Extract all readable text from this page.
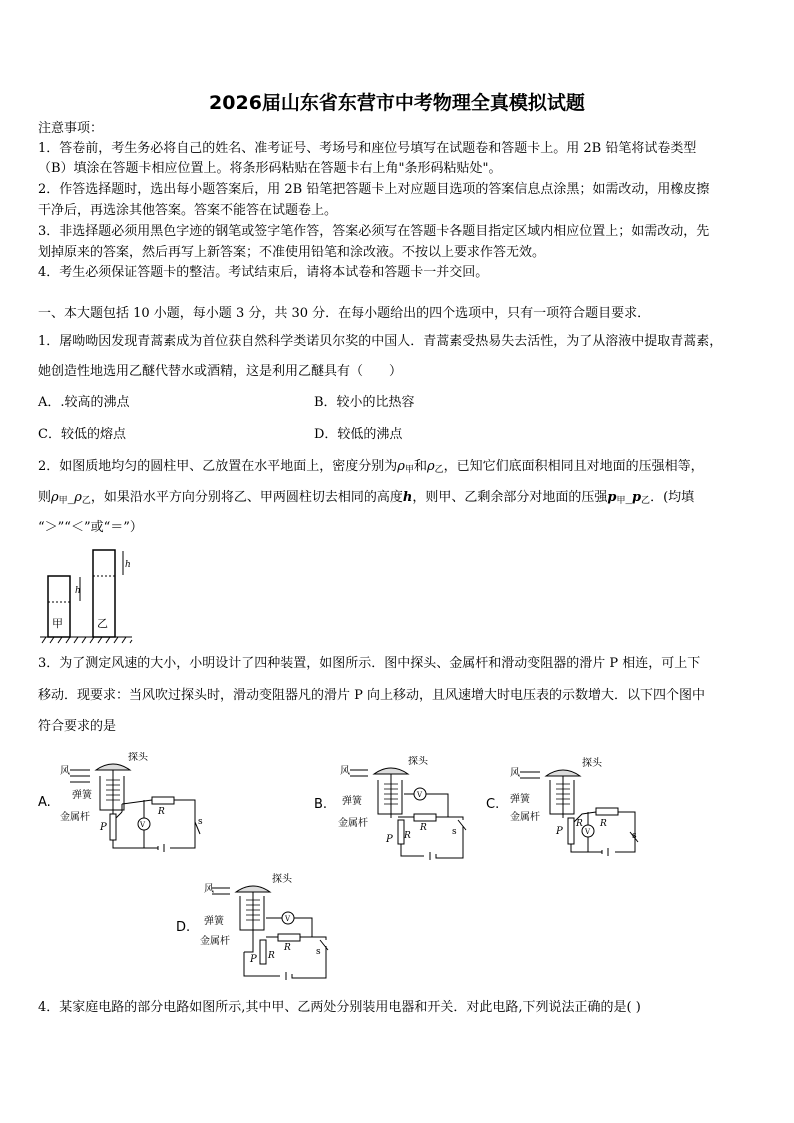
2026届山东省东营市中考物理全真模拟试题
注意事项：
1．答卷前，考生务必将自己的姓名、准考证号、考场号和座位号填写在试题卷和答题卡上。用 2B 铅笔将试卷类型
（B）填涂在答题卡相应位置上。将条形码粘贴在答题卡右上角"条形码粘贴处"。
2．作答选择题时，选出每小题答案后，用 2B 铅笔把答题卡上对应题目选项的答案信息点涂黑；如需改动，用橡皮擦
干净后，再选涂其他答案。答案不能答在试题卷上。
3．非选择题必须用黑色字迹的钢笔或签字笔作答，答案必须写在答题卡各题目指定区域内相应位置上；如需改动，先
划掉原来的答案，然后再写上新答案；不准使用铅笔和涂改液。不按以上要求作答无效。
4．考生必须保证答题卡的整洁。考试结束后，请将本试卷和答题卡一并交回。
一、本大题包括 10 小题，每小题 3 分，共 30 分．在每小题给出的四个选项中，只有一项符合题目要求．
1．屠呦呦因发现青蒿素成为首位获自然科学类诺贝尔奖的中国人．青蒿素受热易失去活性，为了从溶液中提取青蒿素，
她创造性地选用乙醚代替水或酒精，这是利用乙醚具有（　　）
A．.较高的沸点	B．较小的比热容
C．较低的熔点	D．较低的沸点
2．如图质地均匀的圆柱甲、乙放置在水平地面上，密度分别为$\rho_甲$和$\rho_乙$，已知它们底面积相同且对地面的压强相等，
则$\rho_甲\_\rho_乙$，如果沿水平方向分别将乙、甲两圆柱切去相同的高度h，则甲、乙剩余部分对地面的压强$p_甲\_p_乙$．(均填
“＞”“＜”或“＝”）
h
h
甲	乙
3．为了测定风速的大小，小明设计了四种装置，如图所示．图中探头、金属杆和滑动变阻器的滑片 P 相连，可上下
移动．现要求：当风吹过探头时，滑动变阻器凡的滑片 P 向上移动，且风速增大时电压表的示数增大．以下四个图中
符合要求的是
A.	B.	C.
D.
风
探头
弹簧
金属杆
P	V
R
s
风
探头
弹簧
金属杆
P
V
R
R	s
风
探头
弹簧
金属杆
P	V
R
R
s
风
探头
弹簧
金属杆
P
V
R
R	s
4．某家庭电路的部分电路如图所示,其中甲、乙两处分别装用电器和开关．对此电路,下列说法正确的是( )
